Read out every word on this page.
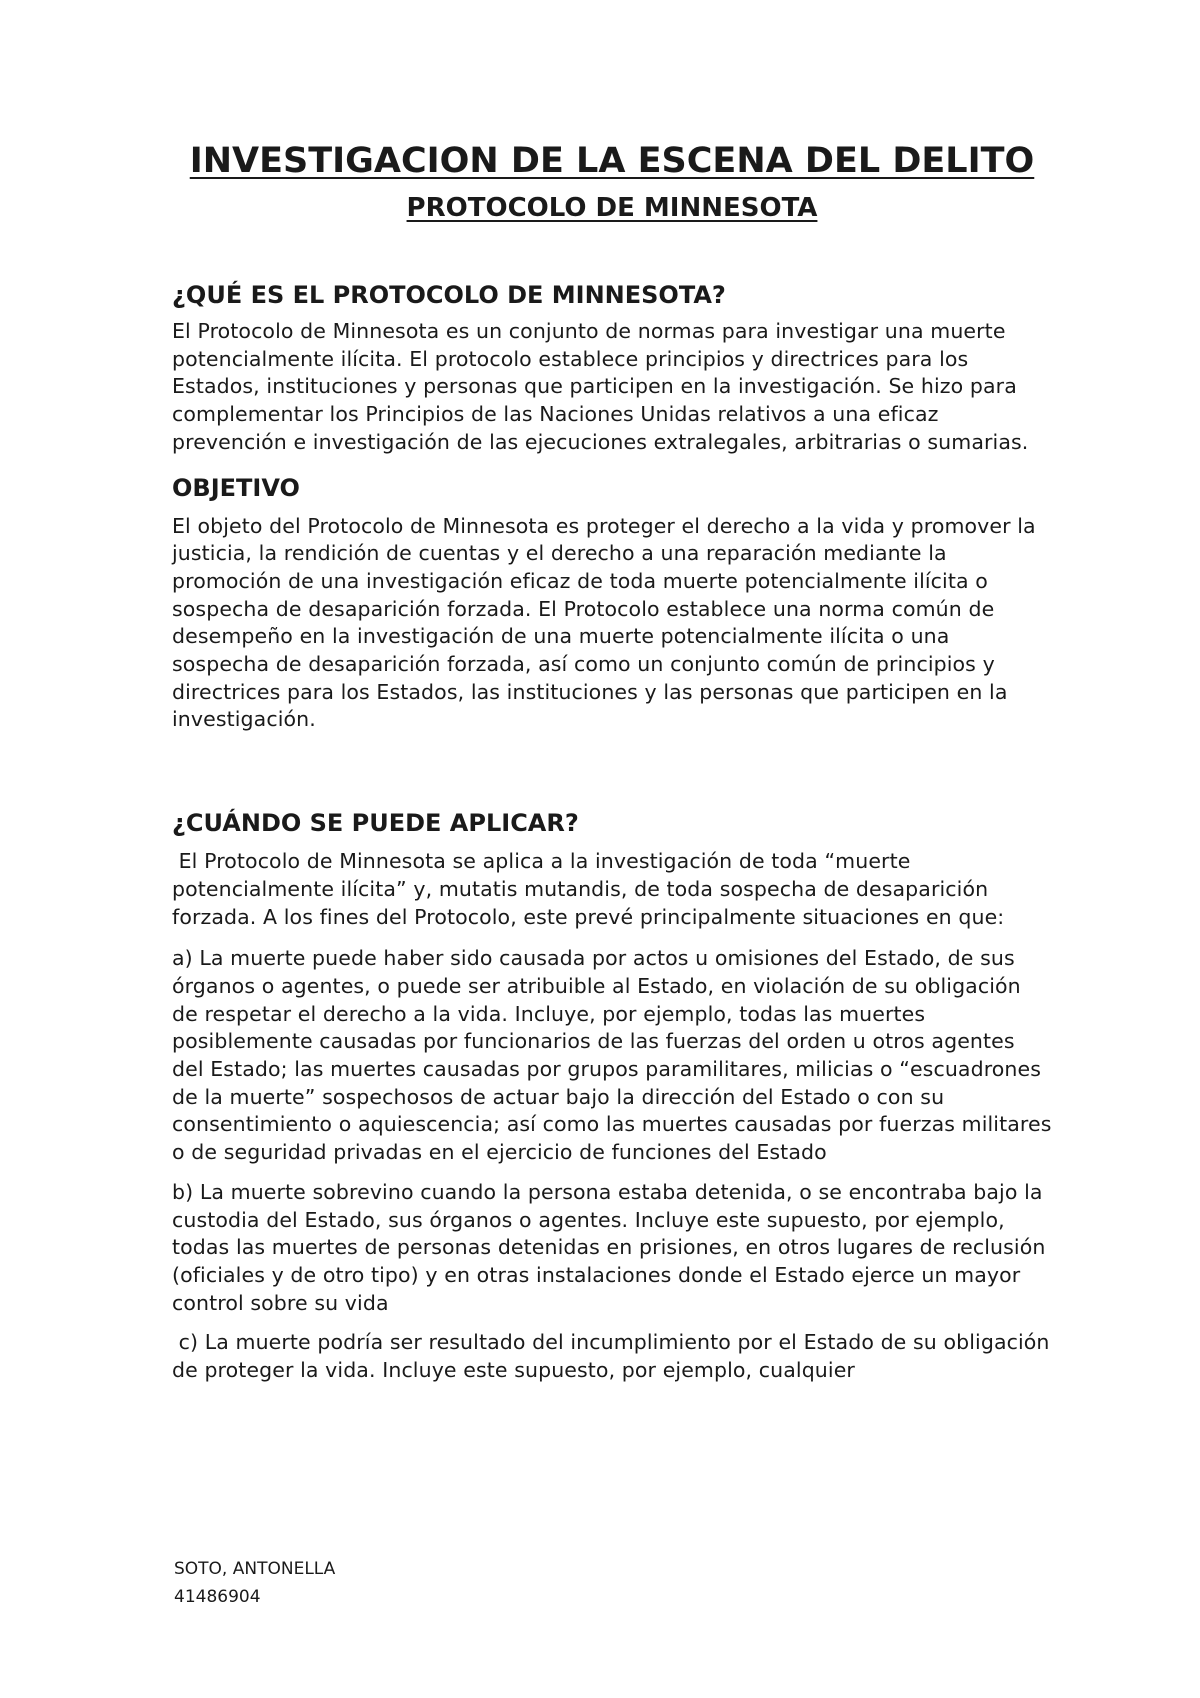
INVESTIGACION DE LA ESCENA DEL DELITO
PROTOCOLO DE MINNESOTA
¿QUÉ ES EL PROTOCOLO DE MINNESOTA?

El Protocolo de Minnesota es un conjunto de normas para investigar una muerte potencialmente ilícita. El protocolo establece principios y directrices para los Estados, instituciones y personas que participen en la investigación. Se hizo para complementar los Principios de las Naciones Unidas relativos a una eficaz prevención e investigación de las ejecuciones extralegales, arbitrarias o sumarias.

OBJETIVO

El objeto del Protocolo de Minnesota es proteger el derecho a la vida y promover la justicia, la rendición de cuentas y el derecho a una reparación mediante la promoción de una investigación eficaz de toda muerte potencialmente ilícita o sospecha de desaparición forzada. El Protocolo establece una norma común de desempeño en la investigación de una muerte potencialmente ilícita o una sospecha de desaparición forzada, así como un conjunto común de principios y directrices para los Estados, las instituciones y las personas que participen en la investigación.

¿CUÁNDO SE PUEDE APLICAR?

El Protocolo de Minnesota se aplica a la investigación de toda “muerte potencialmente ilícita” y, mutatis mutandis, de toda sospecha de desaparición forzada. A los fines del Protocolo, este prevé principalmente situaciones en que:

a) La muerte puede haber sido causada por actos u omisiones del Estado, de sus órganos o agentes, o puede ser atribuible al Estado, en violación de su obligación de respetar el derecho a la vida. Incluye, por ejemplo, todas las muertes posiblemente causadas por funcionarios de las fuerzas del orden u otros agentes del Estado; las muertes causadas por grupos paramilitares, milicias o “escuadrones de la muerte” sospechosos de actuar bajo la dirección del Estado o con su consentimiento o aquiescencia; así como las muertes causadas por fuerzas militares o de seguridad privadas en el ejercicio de funciones del Estado

b) La muerte sobrevino cuando la persona estaba detenida, o se encontraba bajo la custodia del Estado, sus órganos o agentes. Incluye este supuesto, por ejemplo, todas las muertes de personas detenidas en prisiones, en otros lugares de reclusión (oficiales y de otro tipo) y en otras instalaciones donde el Estado ejerce un mayor control sobre su vida

c) La muerte podría ser resultado del incumplimiento por el Estado de su obligación de proteger la vida. Incluye este supuesto, por ejemplo, cualquier

SOTO, ANTONELLA
41486904
